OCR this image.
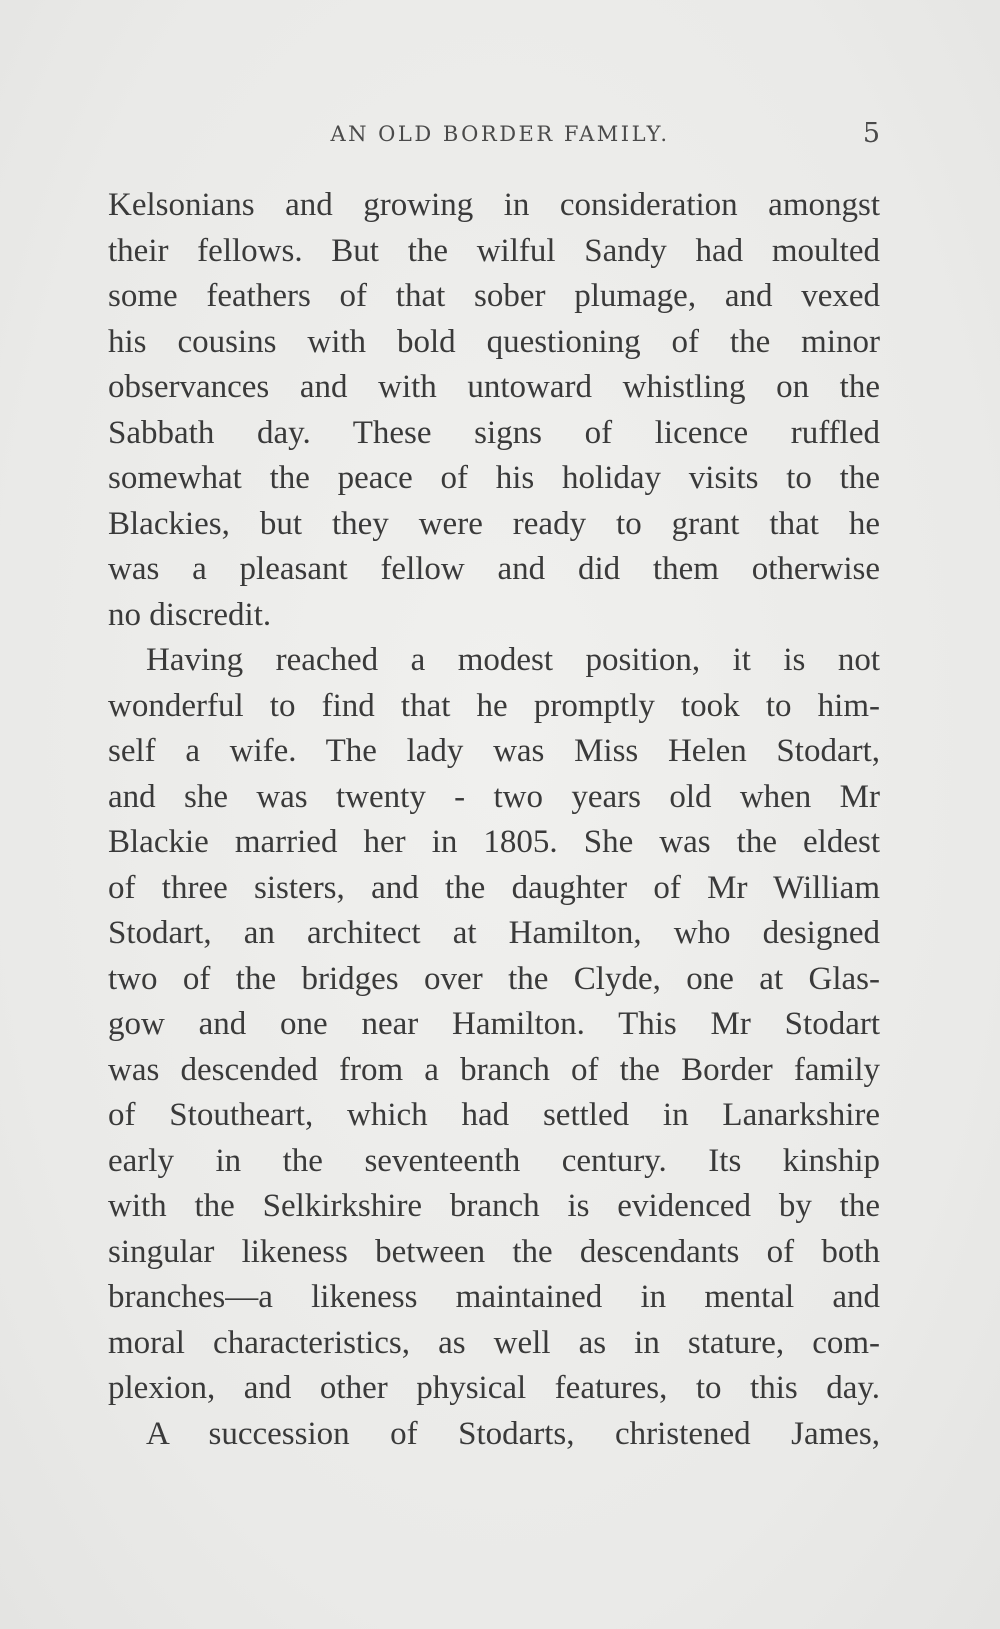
AN OLD BORDER FAMILY.	5
Kelsonians and growing in consideration amongst
their fellows. But the wilful Sandy had moulted
some feathers of that sober plumage, and vexed
his cousins with bold questioning of the minor
observances and with untoward whistling on the
Sabbath day. These signs of licence ruffled
somewhat the peace of his holiday visits to the
Blackies, but they were ready to grant that he
was a pleasant fellow and did them otherwise
no discredit.
Having reached a modest position, it is not
wonderful to find that he promptly took to him-
self a wife. The lady was Miss Helen Stodart,
and she was twenty - two years old when Mr
Blackie married her in 1805. She was the eldest
of three sisters, and the daughter of Mr William
Stodart, an architect at Hamilton, who designed
two of the bridges over the Clyde, one at Glas-
gow and one near Hamilton. This Mr Stodart
was descended from a branch of the Border family
of Stoutheart, which had settled in Lanarkshire
early in the seventeenth century. Its kinship
with the Selkirkshire branch is evidenced by the
singular likeness between the descendants of both
branches—a likeness maintained in mental and
moral characteristics, as well as in stature, com-
plexion, and other physical features, to this day.
A succession of Stodarts, christened James,
